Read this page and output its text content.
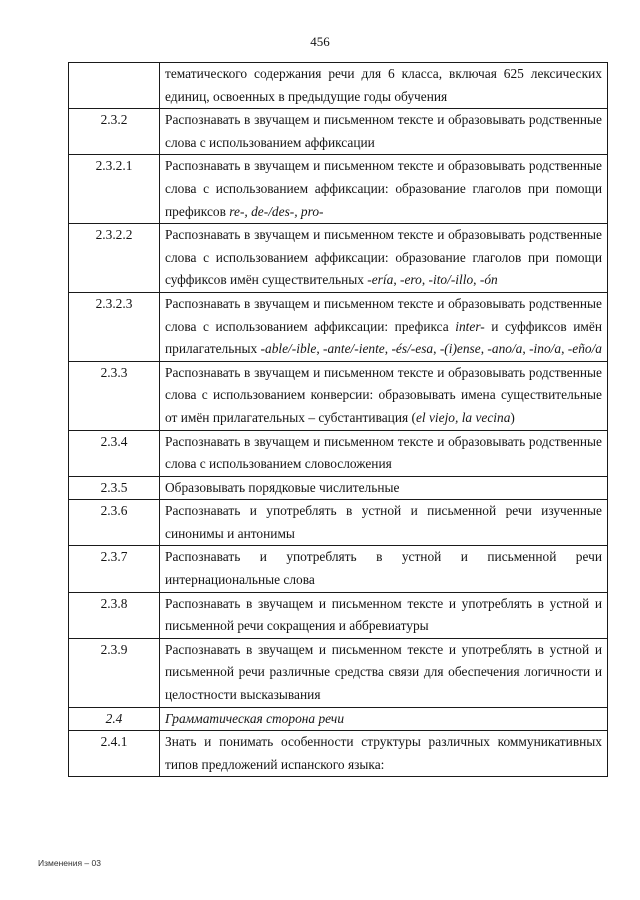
456
	тематического содержания речи для 6 класса, включая 625 лексических единиц, освоенных в предыдущие годы обучения
2.3.2	Распознавать в звучащем и письменном тексте и образовывать родственные слова с использованием аффиксации
2.3.2.1	Распознавать в звучащем и письменном тексте и образовывать родственные слова с использованием аффиксации: образование глаголов при помощи префиксов re-, de-/des-, pro-
2.3.2.2	Распознавать в звучащем и письменном тексте и образовывать родственные слова с использованием аффиксации: образование глаголов при помощи суффиксов имён существительных -ería, -ero, -ito/-illo, -ón
2.3.2.3	Распознавать в звучащем и письменном тексте и образовывать родственные слова с использованием аффиксации: префикса inter- и суффиксов имён прилагательных -able/-ible, -ante/-iente, -és/-esa, -(i)ense, -ano/a, -ino/a, -eño/a
2.3.3	Распознавать в звучащем и письменном тексте и образовывать родственные слова с использованием конверсии: образовывать имена существительные от имён прилагательных – субстантивация (el viejo, la vecina)
2.3.4	Распознавать в звучащем и письменном тексте и образовывать родственные слова с использованием словосложения
2.3.5	Образовывать порядковые числительные
2.3.6	Распознавать и употреблять в устной и письменной речи изученные синонимы и антонимы
2.3.7	Распознавать и употреблять в устной и письменной речи интернациональные слова
2.3.8	Распознавать в звучащем и письменном тексте и употреблять в устной и письменной речи сокращения и аббревиатуры
2.3.9	Распознавать в звучащем и письменном тексте и употреблять в устной и письменной речи различные средства связи для обеспечения логичности и целостности высказывания
2.4	Грамматическая сторона речи
2.4.1	Знать и понимать особенности структуры различных коммуникативных типов предложений испанского языка:
Изменения – 03
